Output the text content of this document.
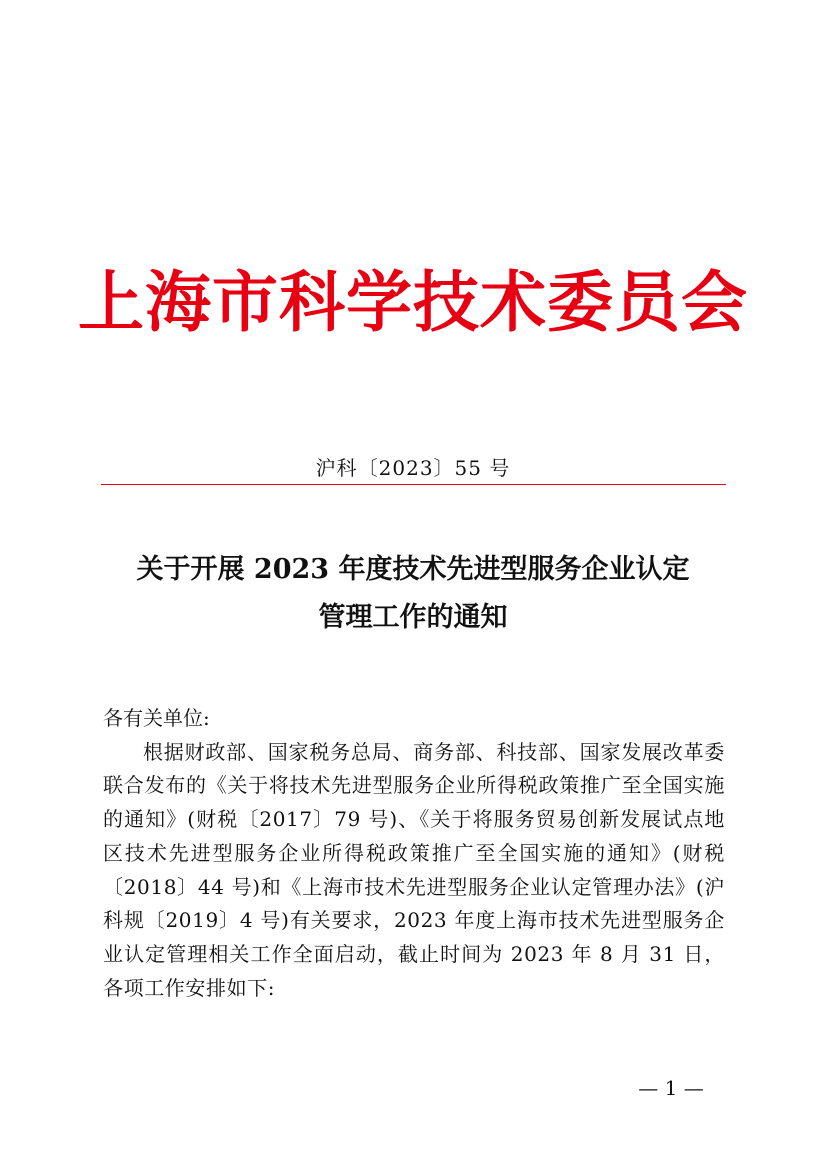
上海市科学技术委员会
沪科〔2023〕55 号
关于开展 2023 年度技术先进型服务企业认定
管理工作的通知

各有关单位:

根据财政部、国家税务总局、商务部、科技部、国家发展改革委联合发布的《关于将技术先进型服务企业所得税政策推广至全国实施的通知》(财税〔2017〕79 号)、《关于将服务贸易创新发展试点地区技术先进型服务企业所得税政策推广至全国实施的通知》(财税〔2018〕44 号)和《上海市技术先进型服务企业认定管理办法》(沪科规〔2019〕4 号)有关要求，2023 年度上海市技术先进型服务企业认定管理相关工作全面启动，截止时间为 2023 年 8 月 31 日，各项工作安排如下:

— 1 —
